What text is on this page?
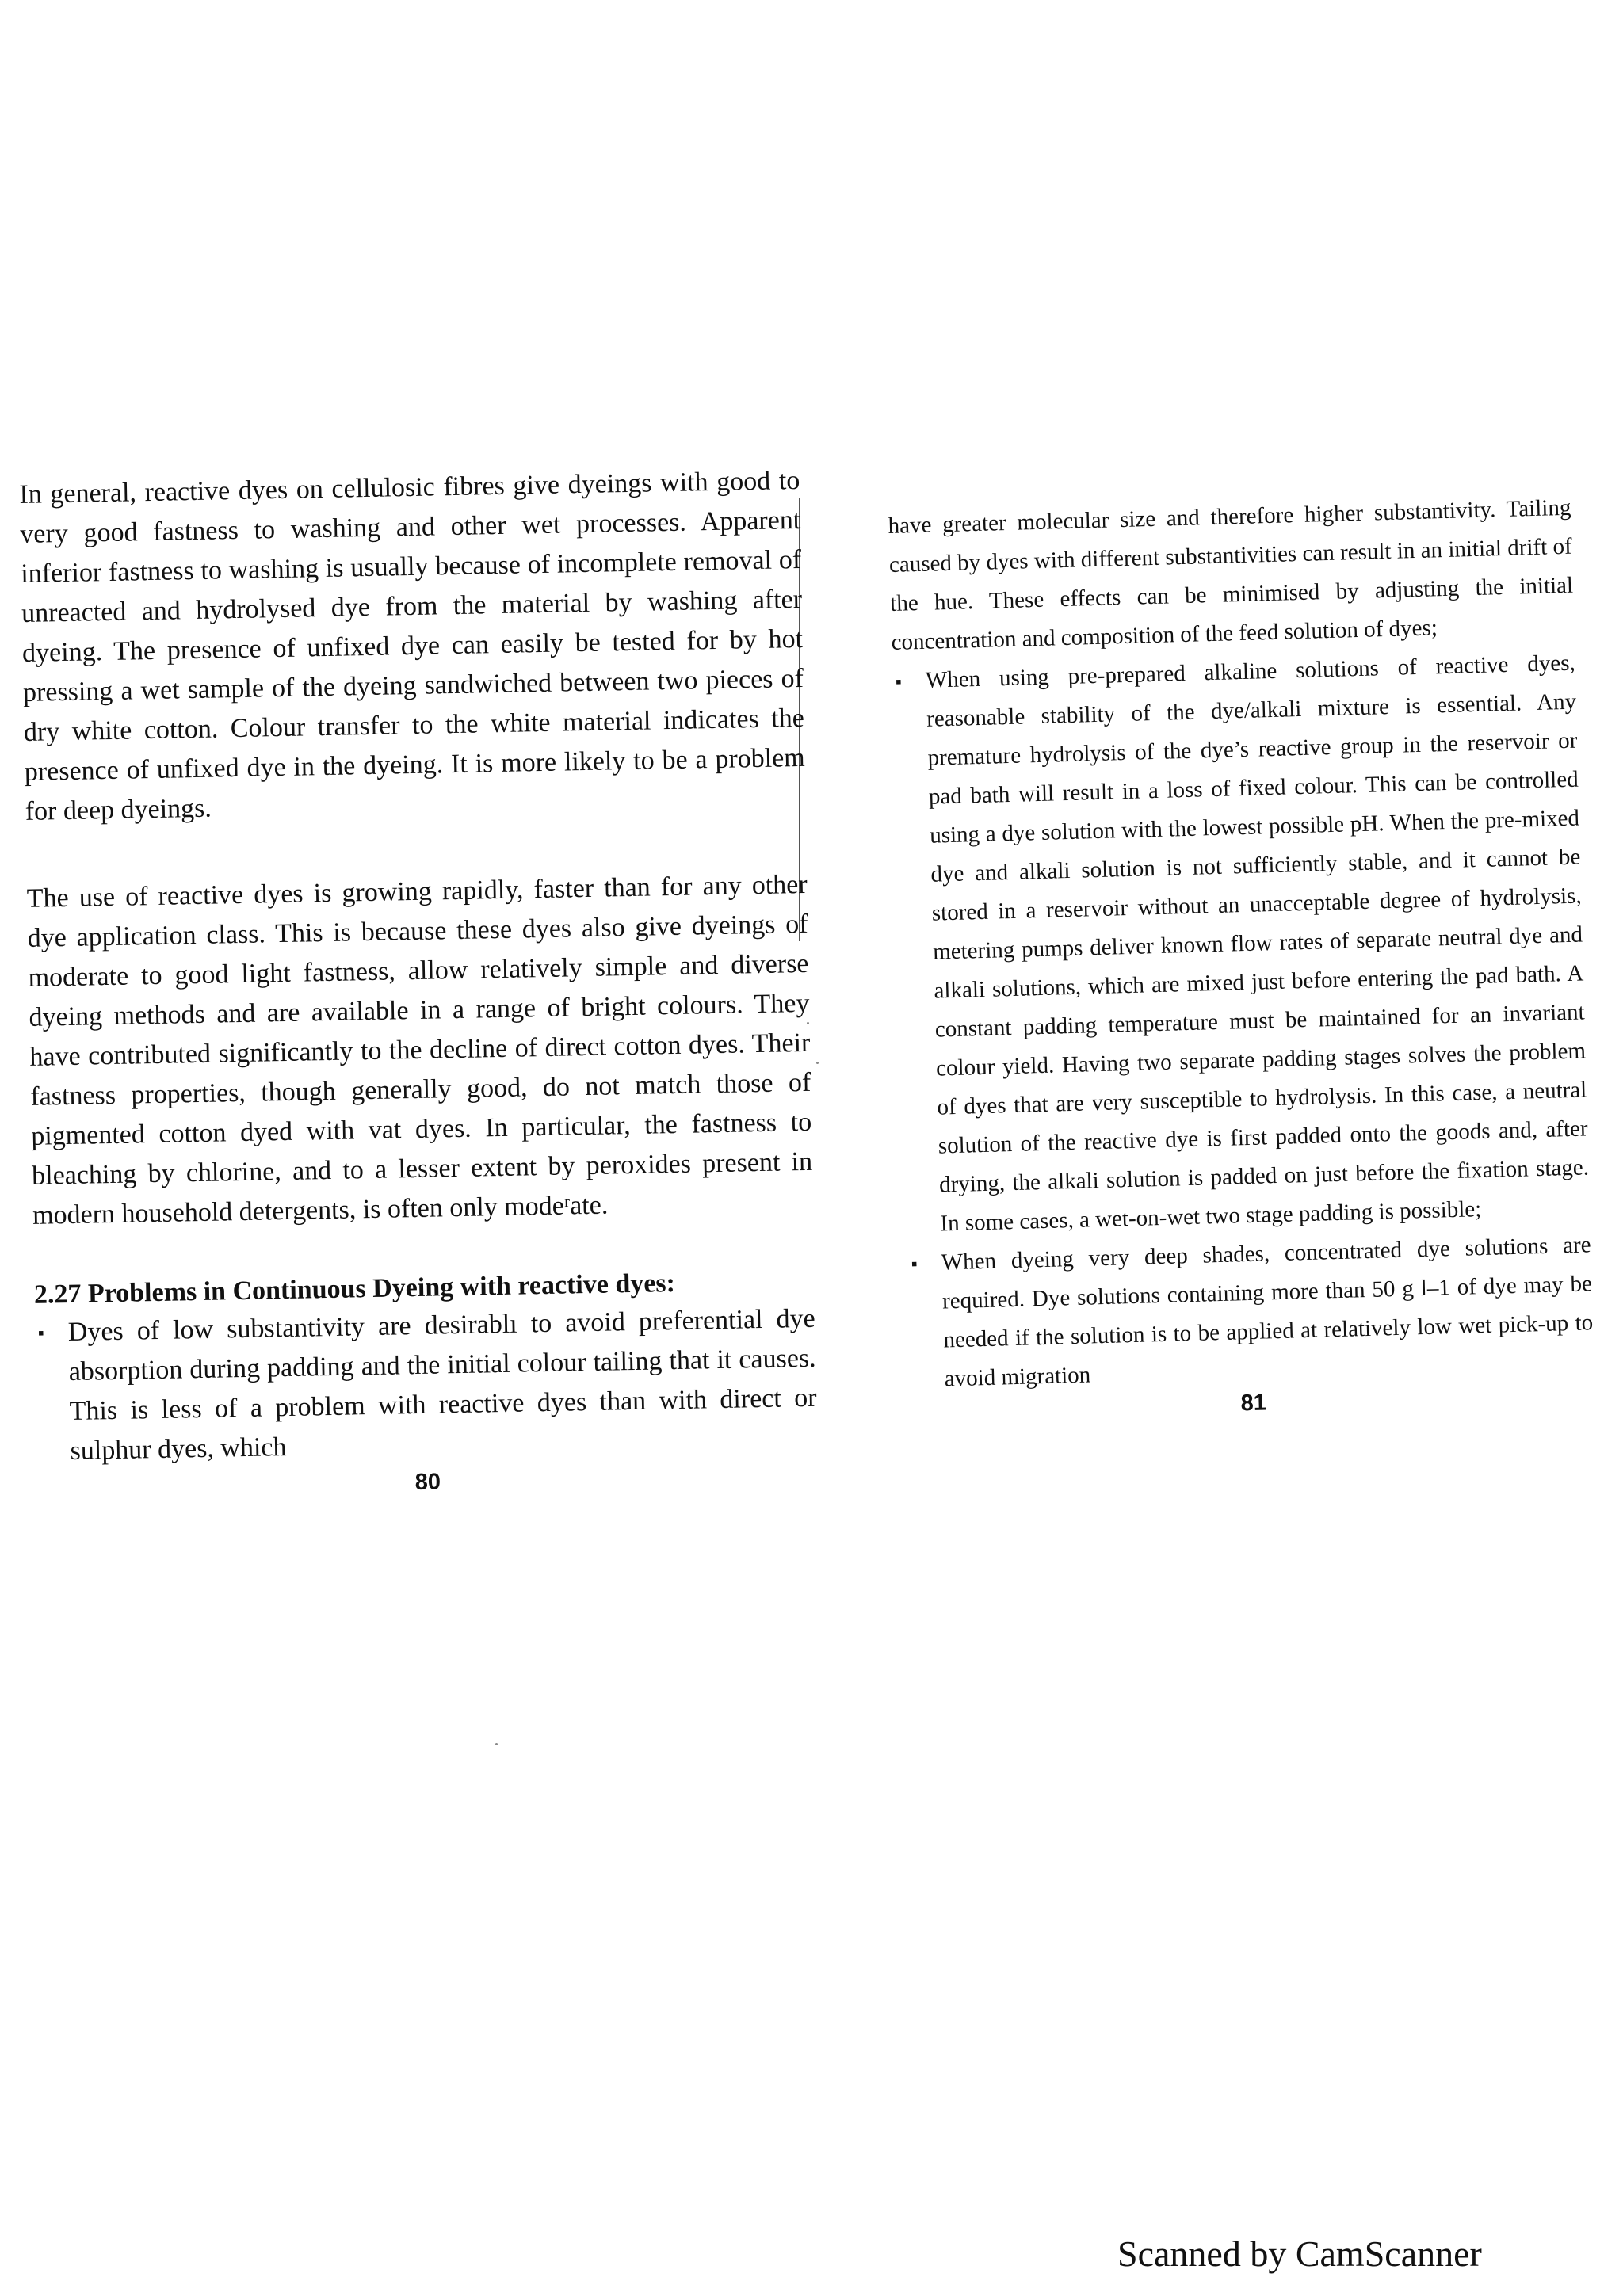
In general, reactive dyes on cellulosic fibres give dyeings with good to very good fastness to washing and other wet processes. Apparent inferior fastness to washing is usually because of incomplete removal of unreacted and hydrolysed dye from the material by washing after dyeing. The presence of unfixed dye can easily be tested for by hot pressing a wet sample of the dyeing sandwiched between two pieces of dry white cotton. Colour transfer to the white material indicates the presence of unfixed dye in the dyeing. It is more likely to be a problem for deep dyeings.

The use of reactive dyes is growing rapidly, faster than for any other dye application class. This is because these dyes also give dyeings of moderate to good light fastness, allow relatively simple and diverse dyeing methods and are available in a range of bright colours. They have contributed significantly to the decline of direct cotton dyes. Their fastness properties, though generally good, do not match those of pigmented cotton dyed with vat dyes. In particular, the fastness to bleaching by chlorine, and to a lesser extent by peroxides present in modern household detergents, is often only modeʳate.

2.27 Problems in Continuous Dyeing with reactive dyes:
▪ Dyes of low substantivity are desirablı to avoid preferential dye absorption during padding and the initial colour tailing that it causes. This is less of a problem with reactive dyes than with direct or sulphur dyes, which
80

have greater molecular size and therefore higher substantivity. Tailing caused by dyes with different substantivities can result in an initial drift of the hue. These effects can be minimised by adjusting the initial concentration and composition of the feed solution of dyes;

▪ When using pre-prepared alkaline solutions of reactive dyes, reasonable stability of the dye/alkali mixture is essential. Any premature hydrolysis of the dye’s reactive group in the reservoir or pad bath will result in a loss of fixed colour. This can be controlled using a dye solution with the lowest possible pH. When the pre-mixed dye and alkali solution is not sufficiently stable, and it cannot be stored in a reservoir without an unacceptable degree of hydrolysis, metering pumps deliver known flow rates of separate neutral dye and alkali solutions, which are mixed just before entering the pad bath. A constant padding temperature must be maintained for an invariant colour yield. Having two separate padding stages solves the problem of dyes that are very susceptible to hydrolysis. In this case, a neutral solution of the reactive dye is first padded onto the goods and, after drying, the alkali solution is padded on just before the fixation stage. In some cases, a wet-on-wet two stage padding is possible;
▪ When dyeing very deep shades, concentrated dye solutions are required. Dye solutions containing more than 50 g l–1 of dye may be needed if the solution is to be applied at relatively low wet pick-up to avoid migration
81
Scanned by CamScanner
